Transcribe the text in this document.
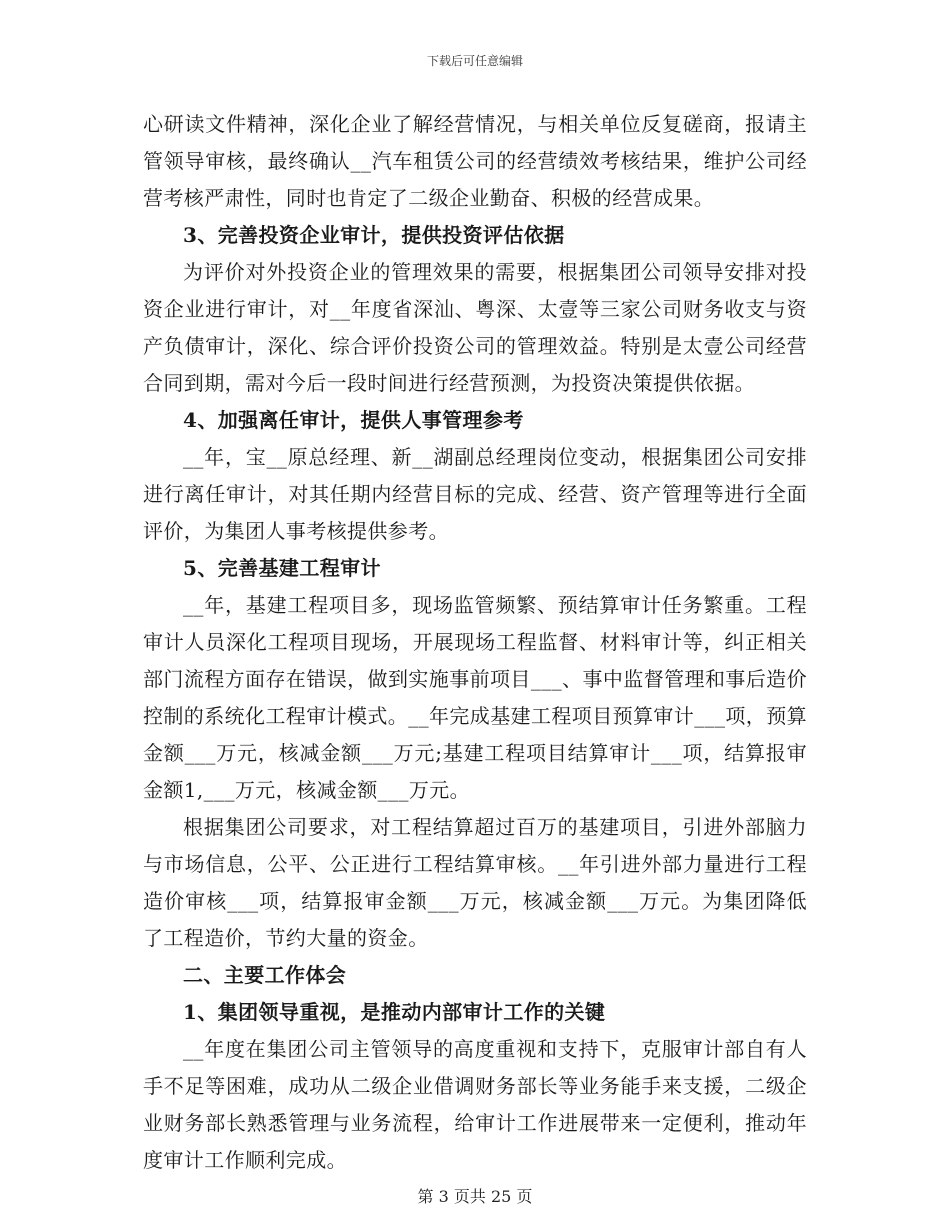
下载后可任意编辑

心研读文件精神，深化企业了解经营情况，与相关单位反复磋商，报请主管领导审核，最终确认__汽车租赁公司的经营绩效考核结果，维护公司经营考核严肃性，同时也肯定了二级企业勤奋、积极的经营成果。

3、完善投资企业审计，提供投资评估依据

为评价对外投资企业的管理效果的需要，根据集团公司领导安排对投资企业进行审计，对__年度省深汕、粤深、太壹等三家公司财务收支与资产负债审计，深化、综合评价投资公司的管理效益。特别是太壹公司经营合同到期，需对今后一段时间进行经营预测，为投资决策提供依据。

4、加强离任审计，提供人事管理参考

__年，宝__原总经理、新__湖副总经理岗位变动，根据集团公司安排进行离任审计，对其任期内经营目标的完成、经营、资产管理等进行全面评价，为集团人事考核提供参考。

5、完善基建工程审计

__年，基建工程项目多，现场监管频繁、预结算审计任务繁重。工程审计人员深化工程项目现场，开展现场工程监督、材料审计等，纠正相关部门流程方面存在错误，做到实施事前项目___、事中监督管理和事后造价控制的系统化工程审计模式。__年完成基建工程项目预算审计___项，预算金额___万元，核减金额___万元;基建工程项目结算审计___项，结算报审金额1,___万元，核减金额___万元。

根据集团公司要求，对工程结算超过百万的基建项目，引进外部脑力与市场信息，公平、公正进行工程结算审核。__年引进外部力量进行工程造价审核___项，结算报审金额___万元，核减金额___万元。为集团降低了工程造价，节约大量的资金。

二、主要工作体会

1、集团领导重视，是推动内部审计工作的关键

__年度在集团公司主管领导的高度重视和支持下，克服审计部自有人手不足等困难，成功从二级企业借调财务部长等业务能手来支援，二级企业财务部长熟悉管理与业务流程，给审计工作进展带来一定便利，推动年度审计工作顺利完成。

第 3 页共 25 页
